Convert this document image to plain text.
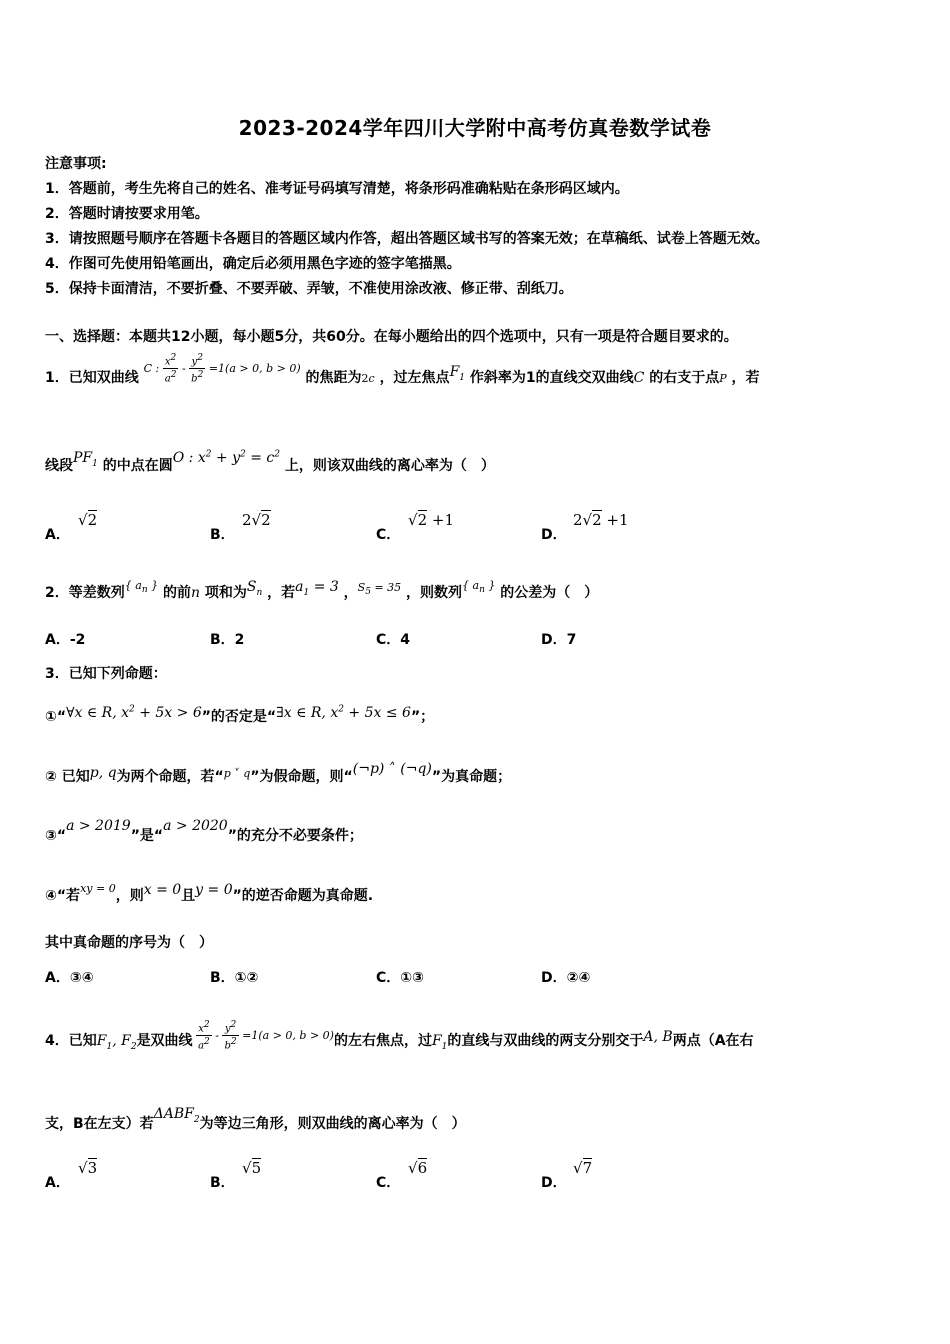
2023-2024学年四川大学附中高考仿真卷数学试卷
注意事项:
1．答题前，考生先将自己的姓名、准考证号码填写清楚，将条形码准确粘贴在条形码区域内。
2．答题时请按要求用笔。
3．请按照题号顺序在答题卡各题目的答题区域内作答，超出答题区域书写的答案无效；在草稿纸、试卷上答题无效。
4．作图可先使用铅笔画出，确定后必须用黑色字迹的签字笔描黑。
5．保持卡面清洁，不要折叠、不要弄破、弄皱，不准使用涂改液、修正带、刮纸刀。
一、选择题：本题共12小题，每小题5分，共60分。在每小题给出的四个选项中，只有一项是符合题目要求的。
1．已知双曲线 $^{C : \frac{x^2}{a^2} - \frac{y^2}{b^2} =1(a > 0, b > 0)}$ 的焦距为2c ，过左焦点$F_1$ 作斜率为1的直线交双曲线C 的右支于点P ，若
线段$PF_1$ 的中点在圆O : $x^2 + y^2 = c^2$ 上，则该双曲线的离心率为（　）
A．
√2
B．
2√2
C．
√2 +1
D．
2√2 +1
2．等差数列$^{\{ a_n \}}$ 的前n 项和为$S_n$ ，若$a_1 = 3$ ，$^{S_5 = 35}$ ，则数列$^{\{ a_n \}}$ 的公差为（　）
A．-2	B．2	C．4	D．7
3．已知下列命题：
①“∀x ∈ R, $x^2 + 5x > 6$”的否定是“∃x ∈ R, $x^2 + 5x \le 6$”；
② 已知p, q为两个命题，若“$^{p ˅ q}$”为假命题，则“(¬p) ˄ (¬q)”为真命题；
③“a > 2019”是“a > 2020”的充分不必要条件；
④“若$^{xy = 0}$，则x = 0且y = 0”的逆否命题为真命题.
其中真命题的序号为（　）
A．③④	B．①②	C．①③	D．②④
4．已知$F_1$, $F_2$是双曲线 $^{\frac{x^2}{a^2} - \frac{y^2}{b^2} =1(a > 0, b > 0)}$的左右焦点，过$F_1$的直线与双曲线的两支分别交于A, B两点（A在右
支，B在左支）若$\Delta ABF_2$为等边三角形，则双曲线的离心率为（　）
A．
√3
B．
√5
C．
√6
D．
√7
